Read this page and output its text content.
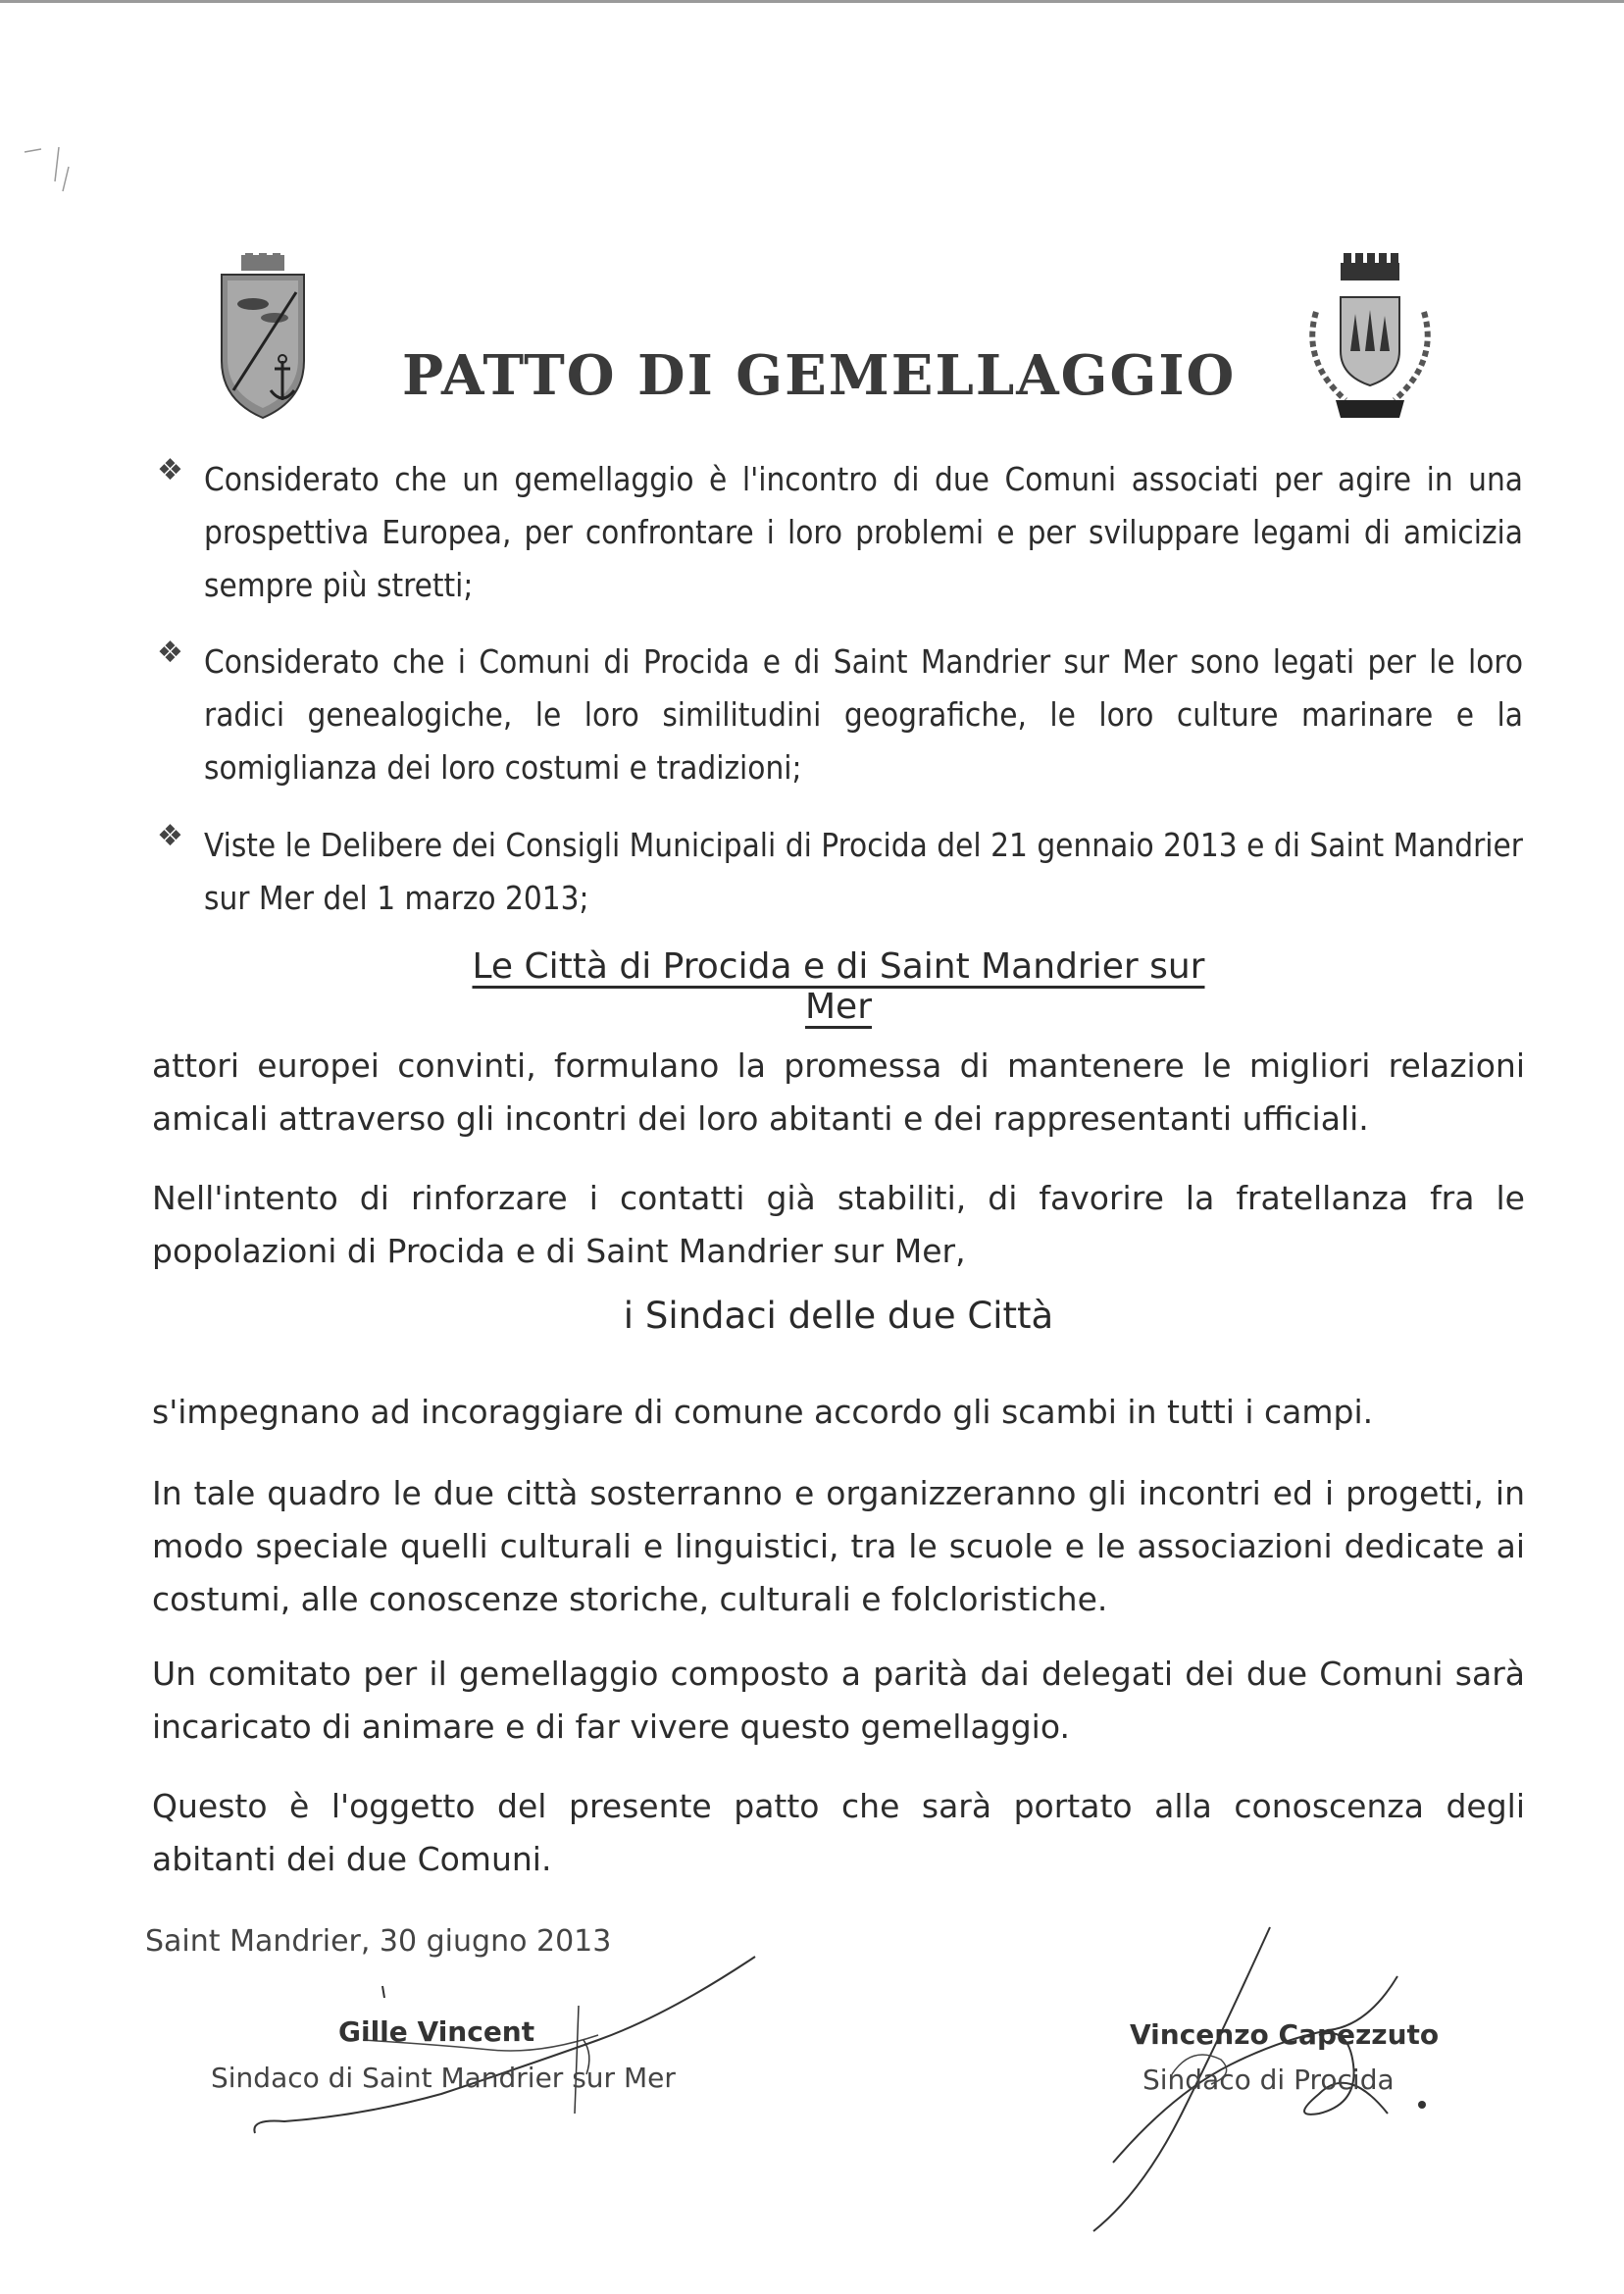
PATTO DI GEMELLAGGIO
❖ Considerato che un gemellaggio è l'incontro di due Comuni associati per agire in una prospettiva Europea, per confrontare i loro problemi e per sviluppare legami di amicizia sempre più stretti;

❖ Considerato che i Comuni di Procida e di Saint Mandrier sur Mer sono legati per le loro radici genealogiche, le loro similitudini geografiche, le loro culture marinare e la somiglianza dei loro costumi e tradizioni;

❖ Viste le Delibere dei Consigli Municipali di Procida del 21 gennaio 2013 e di Saint Mandrier sur Mer del 1 marzo 2013;

Le Città di Procida e di Saint Mandrier sur Mer

attori europei convinti, formulano la promessa di mantenere le migliori relazioni amicali attraverso gli incontri dei loro abitanti e dei rappresentanti ufficiali.

Nell'intento di rinforzare i contatti già stabiliti, di favorire la fratellanza fra le popolazioni di Procida e di Saint Mandrier sur Mer,

i Sindaci delle due Città

s'impegnano ad incoraggiare di comune accordo gli scambi in tutti i campi.

In tale quadro le due città sosterranno e organizzeranno gli incontri ed i progetti, in modo speciale quelli culturali e linguistici, tra le scuole e le associazioni dedicate ai costumi, alle conoscenze storiche, culturali e folcloristiche.

Un comitato per il gemellaggio composto a parità dai delegati dei due Comuni sarà incaricato di animare e di far vivere questo gemellaggio.

Questo è l'oggetto del presente patto che sarà portato alla conoscenza degli abitanti dei due Comuni.

Saint Mandrier, 30 giugno 2013
Gille Vincent
Sindaco di Saint Mandrier sur Mer
Vincenzo Capezzuto
Sindaco di Procida
